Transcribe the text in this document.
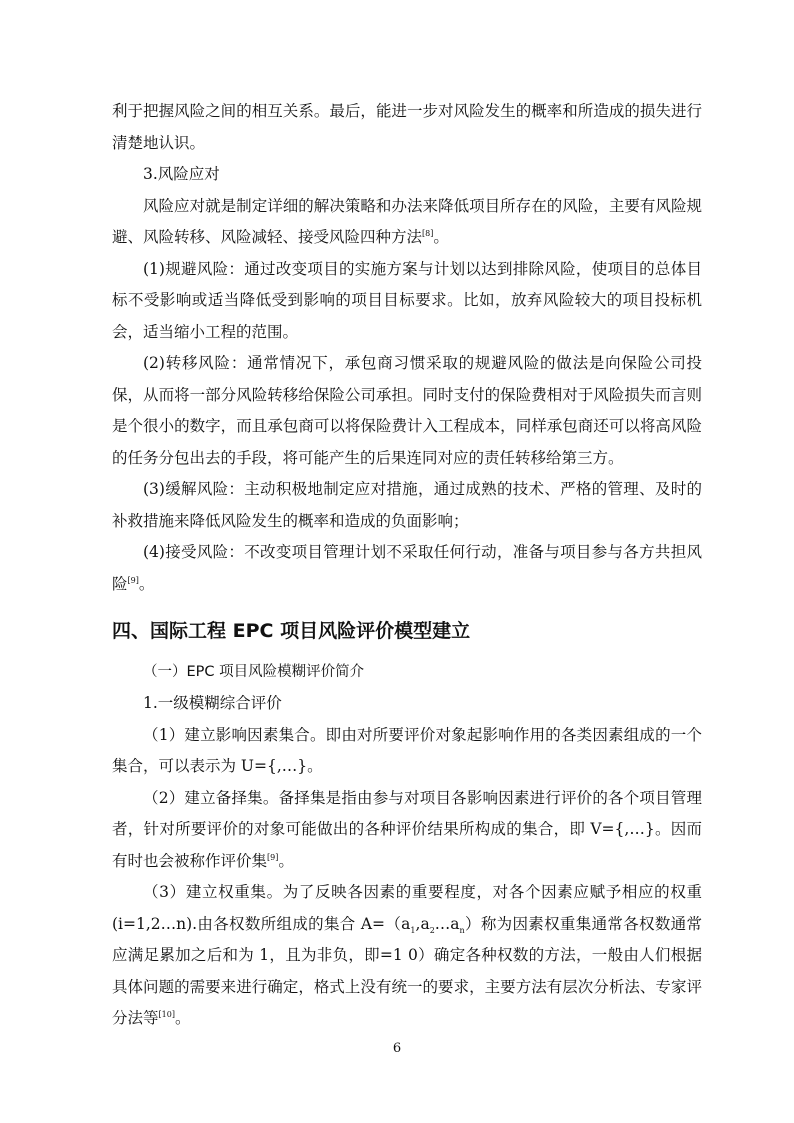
利于把握风险之间的相互关系。最后，能进一步对风险发生的概率和所造成的损失进行清楚地认识。

3.风险应对

风险应对就是制定详细的解决策略和办法来降低项目所存在的风险，主要有风险规避、风险转移、风险减轻、接受风险四种方法[8]。

(1)规避风险：通过改变项目的实施方案与计划以达到排除风险，使项目的总体目标不受影响或适当降低受到影响的项目目标要求。比如，放弃风险较大的项目投标机会，适当缩小工程的范围。

(2)转移风险：通常情况下，承包商习惯采取的规避风险的做法是向保险公司投保，从而将一部分风险转移给保险公司承担。同时支付的保险费相对于风险损失而言则是个很小的数字，而且承包商可以将保险费计入工程成本，同样承包商还可以将高风险的任务分包出去的手段，将可能产生的后果连同对应的责任转移给第三方。

(3)缓解风险：主动积极地制定应对措施，通过成熟的技术、严格的管理、及时的补救措施来降低风险发生的概率和造成的负面影响；

(4)接受风险：不改变项目管理计划不采取任何行动，准备与项目参与各方共担风险[9]。

四、国际工程 EPC 项目风险评价模型建立

（一）EPC 项目风险模糊评价简介

1.一级模糊综合评价

（1）建立影响因素集合。即由对所要评价对象起影响作用的各类因素组成的一个集合，可以表示为 U={,…}。

（2）建立备择集。备择集是指由参与对项目各影响因素进行评价的各个项目管理者，针对所要评价的对象可能做出的各种评价结果所构成的集合，即 V={,…}。因而有时也会被称作评价集[9]。

（3）建立权重集。为了反映各因素的重要程度，对各个因素应赋予相应的权重(i=1,2…n).由各权数所组成的集合 $A=(a_1,a_2\dots a_n)$称为因素权重集通常各权数通常应满足累加之后和为 1，且为非负，即=1 0）确定各种权数的方法，一般由人们根据具体问题的需要来进行确定，格式上没有统一的要求，主要方法有层次分析法、专家评分法等[10]。

6
